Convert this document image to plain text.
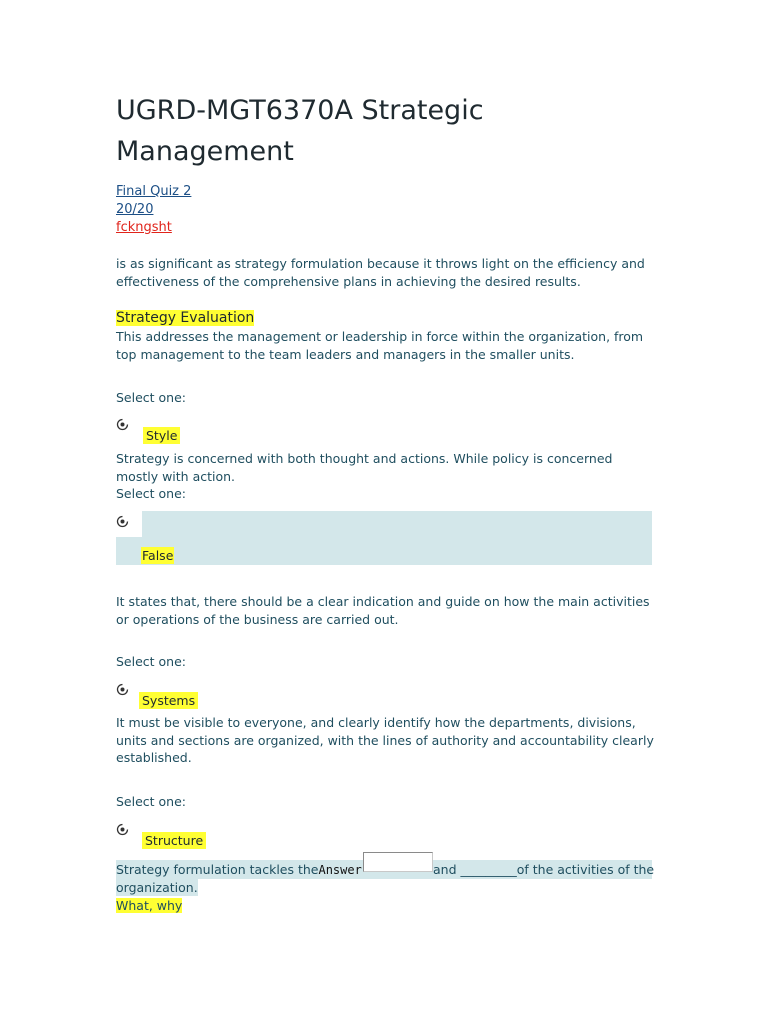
UGRD-MGT6370A Strategic Management
Final Quiz 2
20/20
fckngsht
is as significant as strategy formulation because it throws light on the efficiency and effectiveness of the comprehensive plans in achieving the desired results.
Strategy Evaluation
This addresses the management or leadership in force within the organization, from top management to the team leaders and managers in the smaller units.
Select one:
Style
Strategy is concerned with both thought and actions. While policy is concerned mostly with action.
Select one:
False
It states that, there should be a clear indication and guide on how the main activities or operations of the business are carried out.
Select one:
Systems
It must be visible to everyone, and clearly identify how the departments, divisions, units and sections are organized, with the lines of authority and accountability clearly established.
Select one:
Structure
Strategy formulation tackles theAnswer	and _________of the activities of the
organization.
What, why
